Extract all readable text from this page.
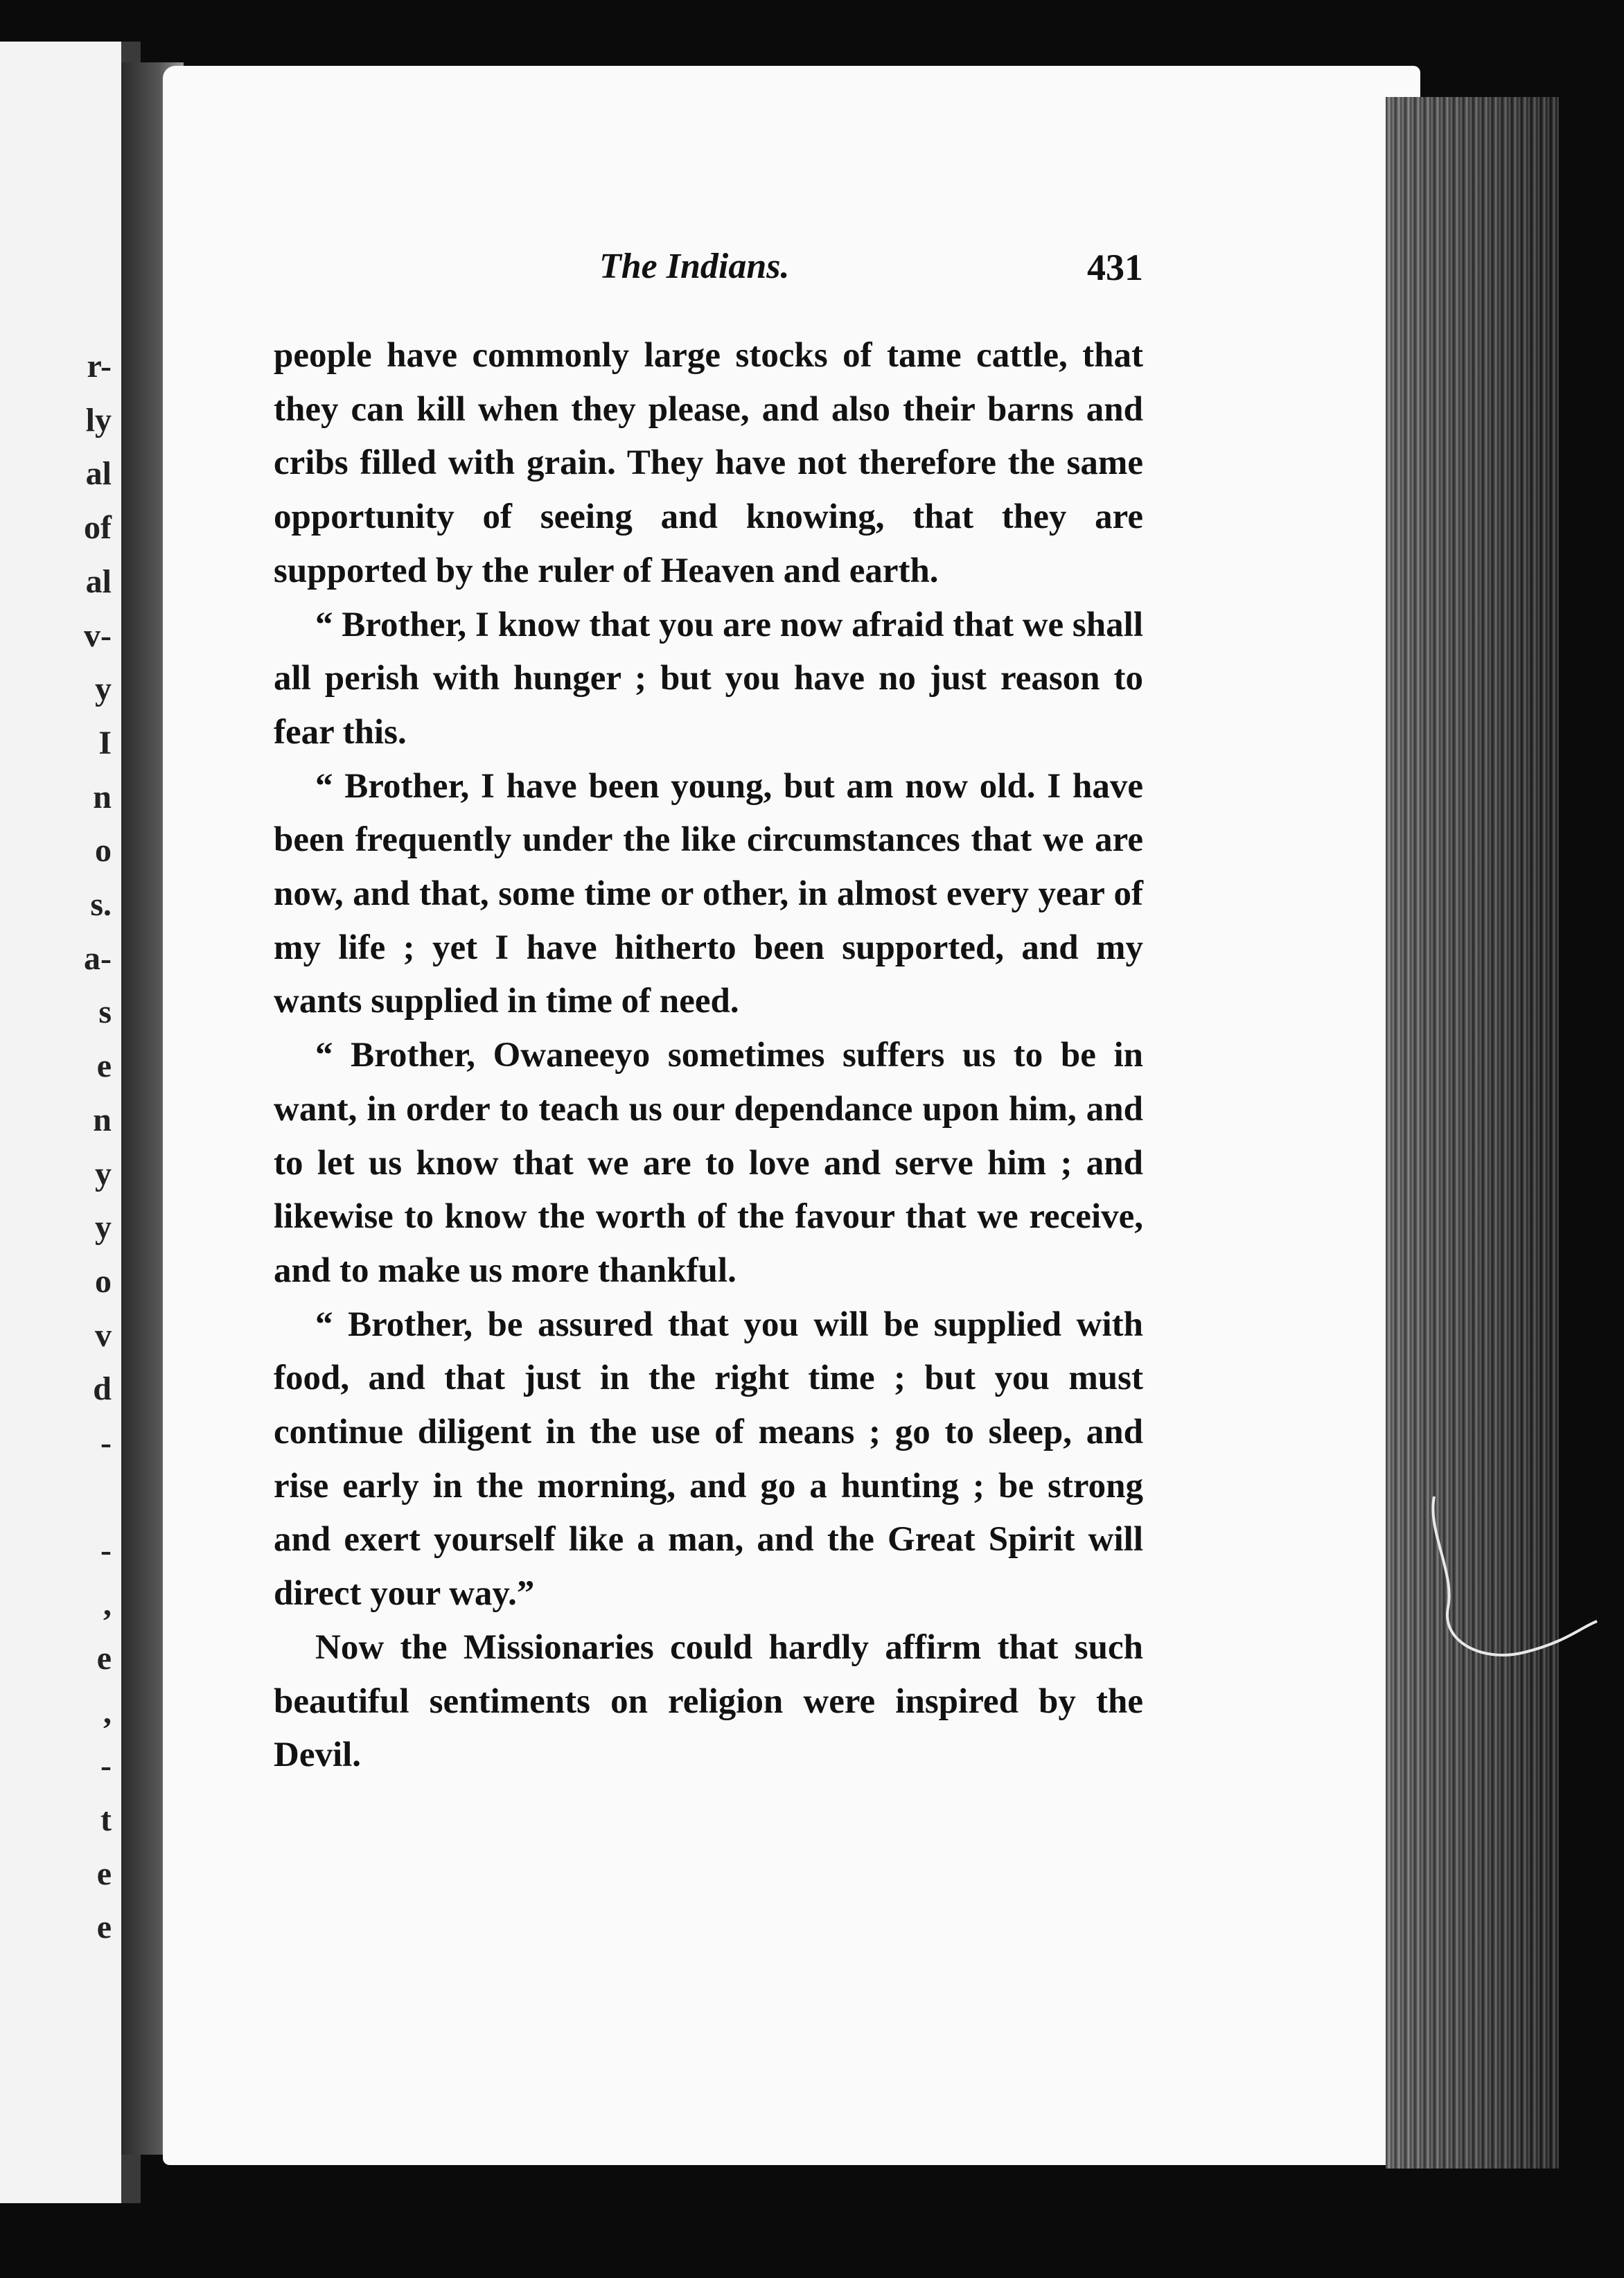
r-
ly
al
of
al
v-
y
I
n
o
s.
a-
s
e
n
y
y
o
v
d
-
-
,
e
,
-
t
e
e
The Indians.	431

people have commonly large stocks of tame cattle, that they can kill when they please, and also their barns and cribs filled with grain. They have not therefore the same opportunity of seeing and knowing, that they are supported by the ruler of Heaven and earth.

“ Brother, I know that you are now afraid that we shall all perish with hunger ; but you have no just reason to fear this.

“ Brother, I have been young, but am now old. I have been frequently under the like circumstances that we are now, and that, some time or other, in almost every year of my life ; yet I have hitherto been supported, and my wants supplied in time of need.

“ Brother, Owaneeyo sometimes suffers us to be in want, in order to teach us our dependance upon him, and to let us know that we are to love and serve him ; and likewise to know the worth of the favour that we receive, and to make us more thankful.

“ Brother, be assured that you will be supplied with food, and that just in the right time ; but you must continue diligent in the use of means ; go to sleep, and rise early in the morning, and go a hunting ; be strong and exert yourself like a man, and the Great Spirit will direct your way.”

Now the Missionaries could hardly affirm that such beautiful sentiments on religion were inspired by the Devil.
